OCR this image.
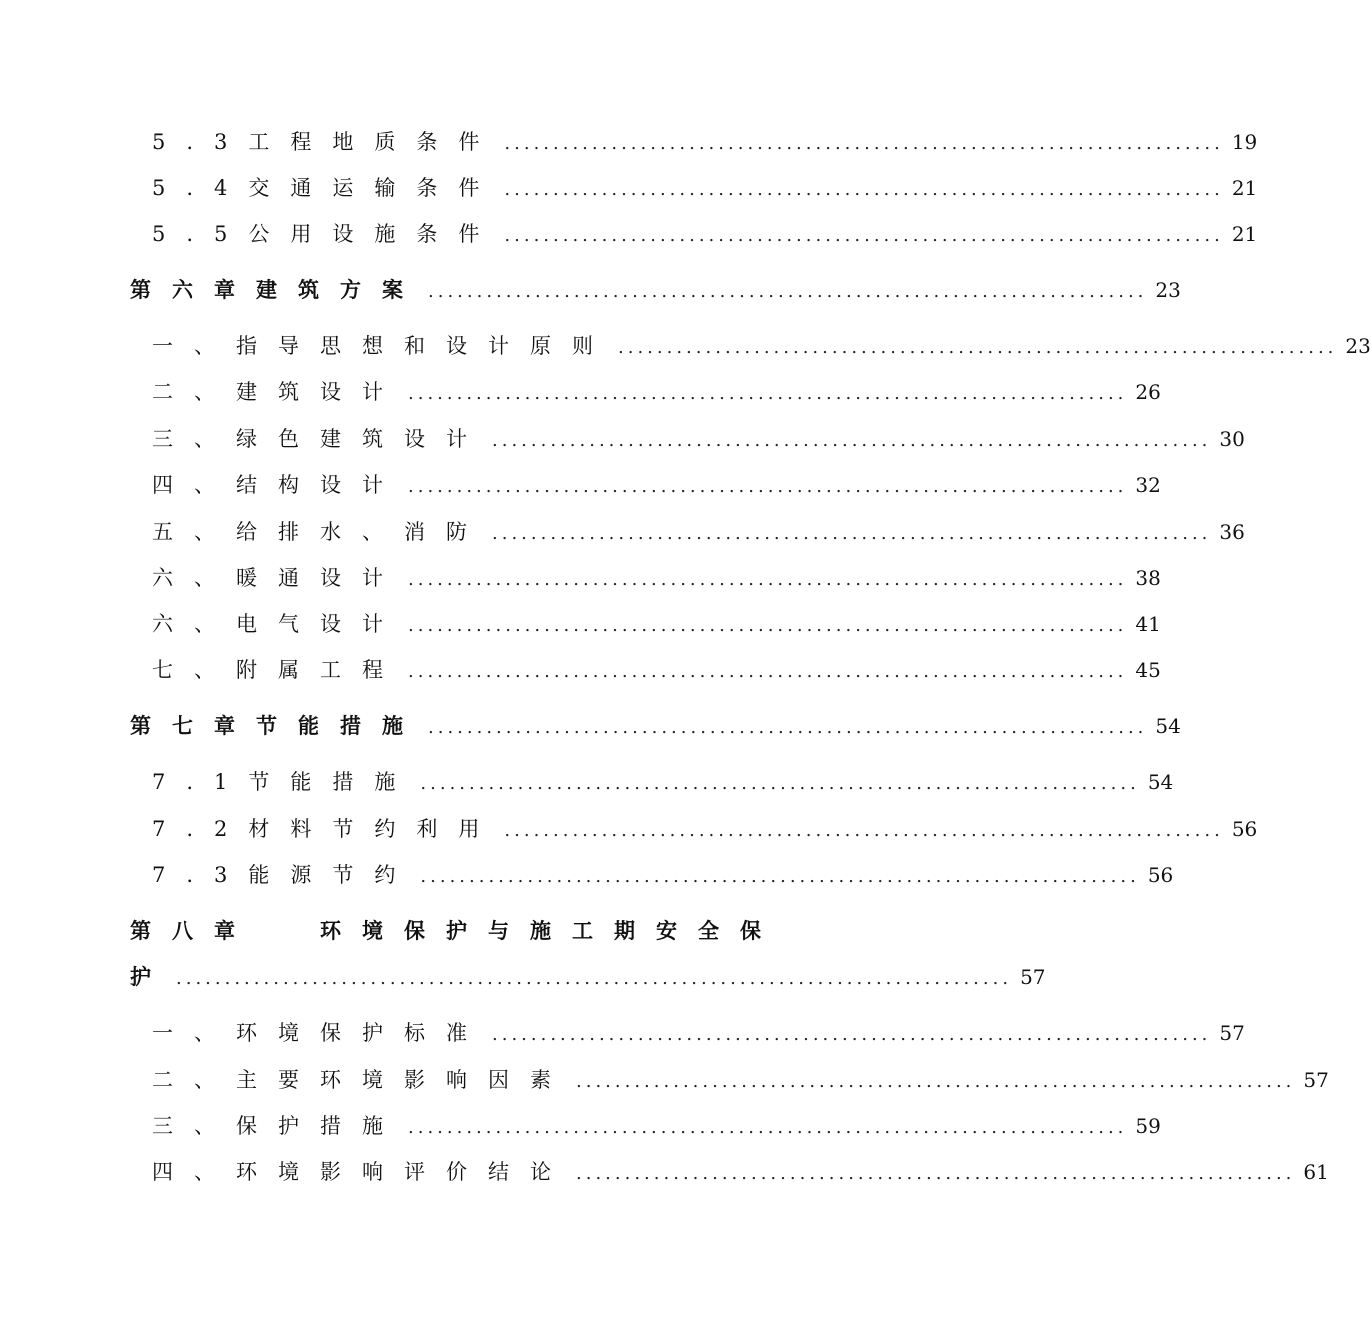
5.3工程地质条件 .......................................................................... 19
5.4交通运输条件 .......................................................................... 21
5.5公用设施条件 .......................................................................... 21
第六章 建筑方案 .......................................................................... 23
一、指导思想和设计原则 .......................................................................... 23
二、建筑设计 .......................................................................... 26
三、绿色建筑设计 .......................................................................... 30
四、结构设计 .......................................................................... 32
五、给排水、消防 .......................................................................... 36
六、暖通设计 .......................................................................... 38
六、电气设计 .......................................................................... 41
七、附属工程 .......................................................................... 45
第七章 节能措施 .......................................................................... 54
7.1节能措施 .......................................................................... 54
7.2材料节约利用 .......................................................................... 56
7.3能源节约 .......................................................................... 56
第八章	环境保护与施工期安全保
护 ...................................................................................... 57
一、环境保护标准 .......................................................................... 57
二、主要环境影响因素 .......................................................................... 57
三、保护措施 .......................................................................... 59
四、环境影响评价结论 .......................................................................... 61
